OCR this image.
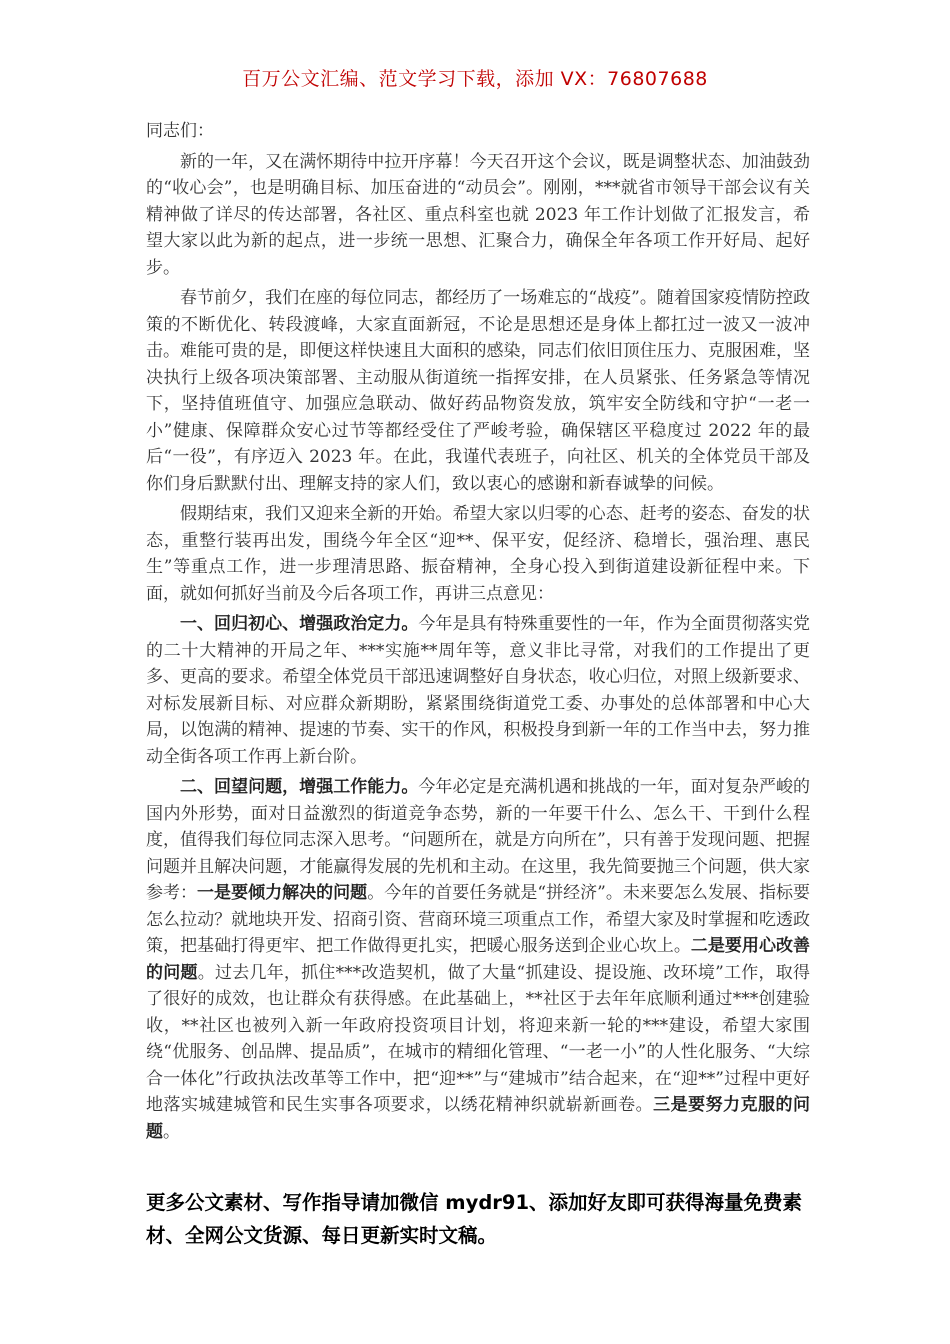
百万公文汇编、范文学习下载，添加 VX：76807688

同志们：

新的一年，又在满怀期待中拉开序幕！今天召开这个会议，既是调整状态、加油鼓劲的“收心会”，也是明确目标、加压奋进的“动员会”。刚刚，***就省市领导干部会议有关精神做了详尽的传达部署，各社区、重点科室也就 2023 年工作计划做了汇报发言，希望大家以此为新的起点，进一步统一思想、汇聚合力，确保全年各项工作开好局、起好步。

春节前夕，我们在座的每位同志，都经历了一场难忘的“战疫”。随着国家疫情防控政策的不断优化、转段渡峰，大家直面新冠，不论是思想还是身体上都扛过一波又一波冲击。难能可贵的是，即便这样快速且大面积的感染，同志们依旧顶住压力、克服困难，坚决执行上级各项决策部署、主动服从街道统一指挥安排，在人员紧张、任务紧急等情况下，坚持值班值守、加强应急联动、做好药品物资发放，筑牢安全防线和守护“一老一小”健康、保障群众安心过节等都经受住了严峻考验，确保辖区平稳度过 2022 年的最后“一役”，有序迈入 2023 年。在此，我谨代表班子，向社区、机关的全体党员干部及你们身后默默付出、理解支持的家人们，致以衷心的感谢和新春诚挚的问候。

假期结束，我们又迎来全新的开始。希望大家以归零的心态、赶考的姿态、奋发的状态，重整行装再出发，围绕今年全区“迎**、保平安，促经济、稳增长，强治理、惠民生”等重点工作，进一步理清思路、振奋精神，全身心投入到街道建设新征程中来。下面，就如何抓好当前及今后各项工作，再讲三点意见：

一、回归初心、增强政治定力。今年是具有特殊重要性的一年，作为全面贯彻落实党的二十大精神的开局之年、***实施**周年等，意义非比寻常，对我们的工作提出了更多、更高的要求。希望全体党员干部迅速调整好自身状态，收心归位，对照上级新要求、对标发展新目标、对应群众新期盼，紧紧围绕街道党工委、办事处的总体部署和中心大局，以饱满的精神、提速的节奏、实干的作风，积极投身到新一年的工作当中去，努力推动全街各项工作再上新台阶。

二、回望问题，增强工作能力。今年必定是充满机遇和挑战的一年，面对复杂严峻的国内外形势，面对日益激烈的街道竞争态势，新的一年要干什么、怎么干、干到什么程度，值得我们每位同志深入思考。“问题所在，就是方向所在”，只有善于发现问题、把握问题并且解决问题，才能赢得发展的先机和主动。在这里，我先简要抛三个问题，供大家参考：一是要倾力解决的问题。今年的首要任务就是“拼经济”。未来要怎么发展、指标要怎么拉动？就地块开发、招商引资、营商环境三项重点工作，希望大家及时掌握和吃透政策，把基础打得更牢、把工作做得更扎实，把暖心服务送到企业心坎上。二是要用心改善的问题。过去几年，抓住***改造契机，做了大量“抓建设、提设施、改环境”工作，取得了很好的成效，也让群众有获得感。在此基础上，**社区于去年年底顺利通过***创建验收，**社区也被列入新一年政府投资项目计划，将迎来新一轮的***建设，希望大家围绕“优服务、创品牌、提品质”，在城市的精细化管理、“一老一小”的人性化服务、“大综合一体化”行政执法改革等工作中，把“迎**”与“建城市”结合起来，在“迎**”过程中更好地落实城建城管和民生实事各项要求，以绣花精神织就崭新画卷。三是要努力克服的问题。

更多公文素材、写作指导请加微信 mydr91、添加好友即可获得海量免费素材、全网公文货源、每日更新实时文稿。
